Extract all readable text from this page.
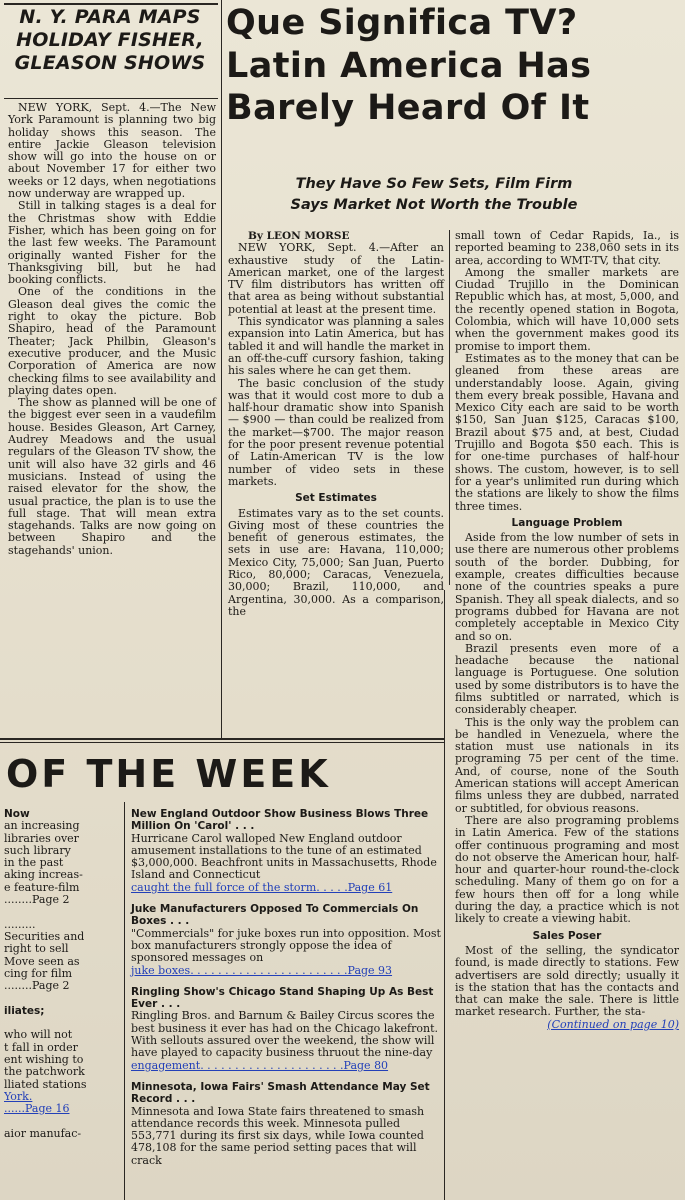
N. Y. PARA MAPS HOLIDAY FISHER, GLEASON SHOWS

NEW YORK, Sept. 4.—The New York Paramount is planning two big holiday shows this season. The entire Jackie Gleason television show will go into the house on or about November 17 for either two weeks or 12 days, when negotiations now underway are wrapped up.

Still in talking stages is a deal for the Christmas show with Eddie Fisher, which has been going on for the last few weeks. The Paramount originally wanted Fisher for the Thanksgiving bill, but he had booking conflicts.

One of the conditions in the Gleason deal gives the comic the right to okay the picture. Bob Shapiro, head of the Paramount Theater; Jack Philbin, Gleason's executive producer, and the Music Corporation of America are now checking films to see availability and playing dates open.

The show as planned will be one of the biggest ever seen in a vaudefilm house. Besides Gleason, Art Carney, Audrey Meadows and the usual regulars of the Gleason TV show, the unit will also have 32 girls and 46 musicians. Instead of using the raised elevator for the show, the usual practice, the plan is to use the full stage. That will mean extra stagehands. Talks are now going on between Shapiro and the stagehands' union.

Que Significa TV?
Latin America Has
Barely Heard Of It
They Have So Few Sets, Film Firm
Says Market Not Worth the Trouble

By LEON MORSE

NEW YORK, Sept. 4.—After an exhaustive study of the Latin-American market, one of the largest TV film distributors has written off that area as being without substantial potential at least at the present time.

This syndicator was planning a sales expansion into Latin America, but has tabled it and will handle the market in an off-the-cuff cursory fashion, taking his sales where he can get them.

The basic conclusion of the study was that it would cost more to dub a half-hour dramatic show into Spanish — $900 — than could be realized from the market—$700. The major reason for the poor present revenue potential of Latin-American TV is the low number of video sets in these markets.

Set Estimates

Estimates vary as to the set counts. Giving most of these countries the benefit of generous estimates, the sets in use are: Havana, 110,000; Mexico City, 75,000; San Juan, Puerto Rico, 80,000; Caracas, Venezuela, 30,000; Brazil, 110,000, and Argentina, 30,000. As a comparison, the

small town of Cedar Rapids, Ia., is reported beaming to 238,060 sets in its area, according to WMT-TV, that city.

Among the smaller markets are Ciudad Trujillo in the Dominican Republic which has, at most, 5,000, and the recently opened station in Bogota, Colombia, which will have 10,000 sets when the government makes good its promise to import them.

Estimates as to the money that can be gleaned from these areas are understandably loose. Again, giving them every break possible, Havana and Mexico City each are said to be worth $150, San Juan $125, Caracas $100, Brazil about $75 and, at best, Ciudad Trujillo and Bogota $50 each. This is for one-time purchases of half-hour shows. The custom, however, is to sell for a year's unlimited run during which the stations are likely to show the films three times.

Language Problem

Aside from the low number of sets in use there are numerous other problems south of the border. Dubbing, for example, creates difficulties because none of the countries speaks a pure Spanish. They all speak dialects, and so programs dubbed for Havana are not completely acceptable in Mexico City and so on.

Brazil presents even more of a headache because the national language is Portuguese. One solution used by some distributors is to have the films subtitled or narrated, which is considerably cheaper.

This is the only way the problem can be handled in Venezuela, where the station must use nationals in its programing 75 per cent of the time. And, of course, none of the South American stations will accept American films unless they are dubbed, narrated or subtitled, for obvious reasons.

There are also programing problems in Latin America. Few of the stations offer continuous programing and most do not observe the American hour, half-hour and quarter-hour round-the-clock scheduling. Many of them go on for a few hours then off for a long while during the day, a practice which is not likely to create a viewing habit.

Sales Poser

Most of the selling, the syndicator found, is made directly to stations. Few advertisers are sold directly; usually it is the station that has the contacts and that can make the sale. There is little market research. Further, the sta-

(Continued on page 10)
OF THE WEEK
Now
an increasing
libraries over
such library
in the past
aking increas-
e feature-film
........Page 2

.........
Securities and
right to sell
Move seen as
cing for film
........Page 2

iliates;

who will not
t fall in order
ent wishing to
the patchwork
lliated stations
York.
......Page 16

aior manufac-
New England Outdoor Show Business Blows Three Million On 'Carol' . . .
Hurricane Carol walloped New England outdoor amusement installations to the tune of an estimated $3,000,000. Beachfront units in Massachusetts, Rhode Island and Connecticut
caught the full force of the storm. . . . .Page 61
Juke Manufacturers Opposed To Commercials On Boxes . . .
"Commercials" for juke boxes run into opposition. Most box manufacturers strongly oppose the idea of sponsored messages on
juke boxes. . . . . . . . . . . . . . . . . . . . . . .Page 93
Ringling Show's Chicago Stand Shaping Up As Best Ever . . .
Ringling Bros. and Barnum & Bailey Circus scores the best business it ever has had on the Chicago lakefront. With sellouts assured over the weekend, the show will have played to capacity business thruout the nine-day
engagement. . . . . . . . . . . . . . . . . . . . .Page 80
Minnesota, Iowa Fairs' Smash Attendance May Set Record . . .
Minnesota and Iowa State fairs threatened to smash attendance records this week. Minnesota pulled 553,771 during its first six days, while Iowa counted 478,108 for the same period setting paces that will crack
